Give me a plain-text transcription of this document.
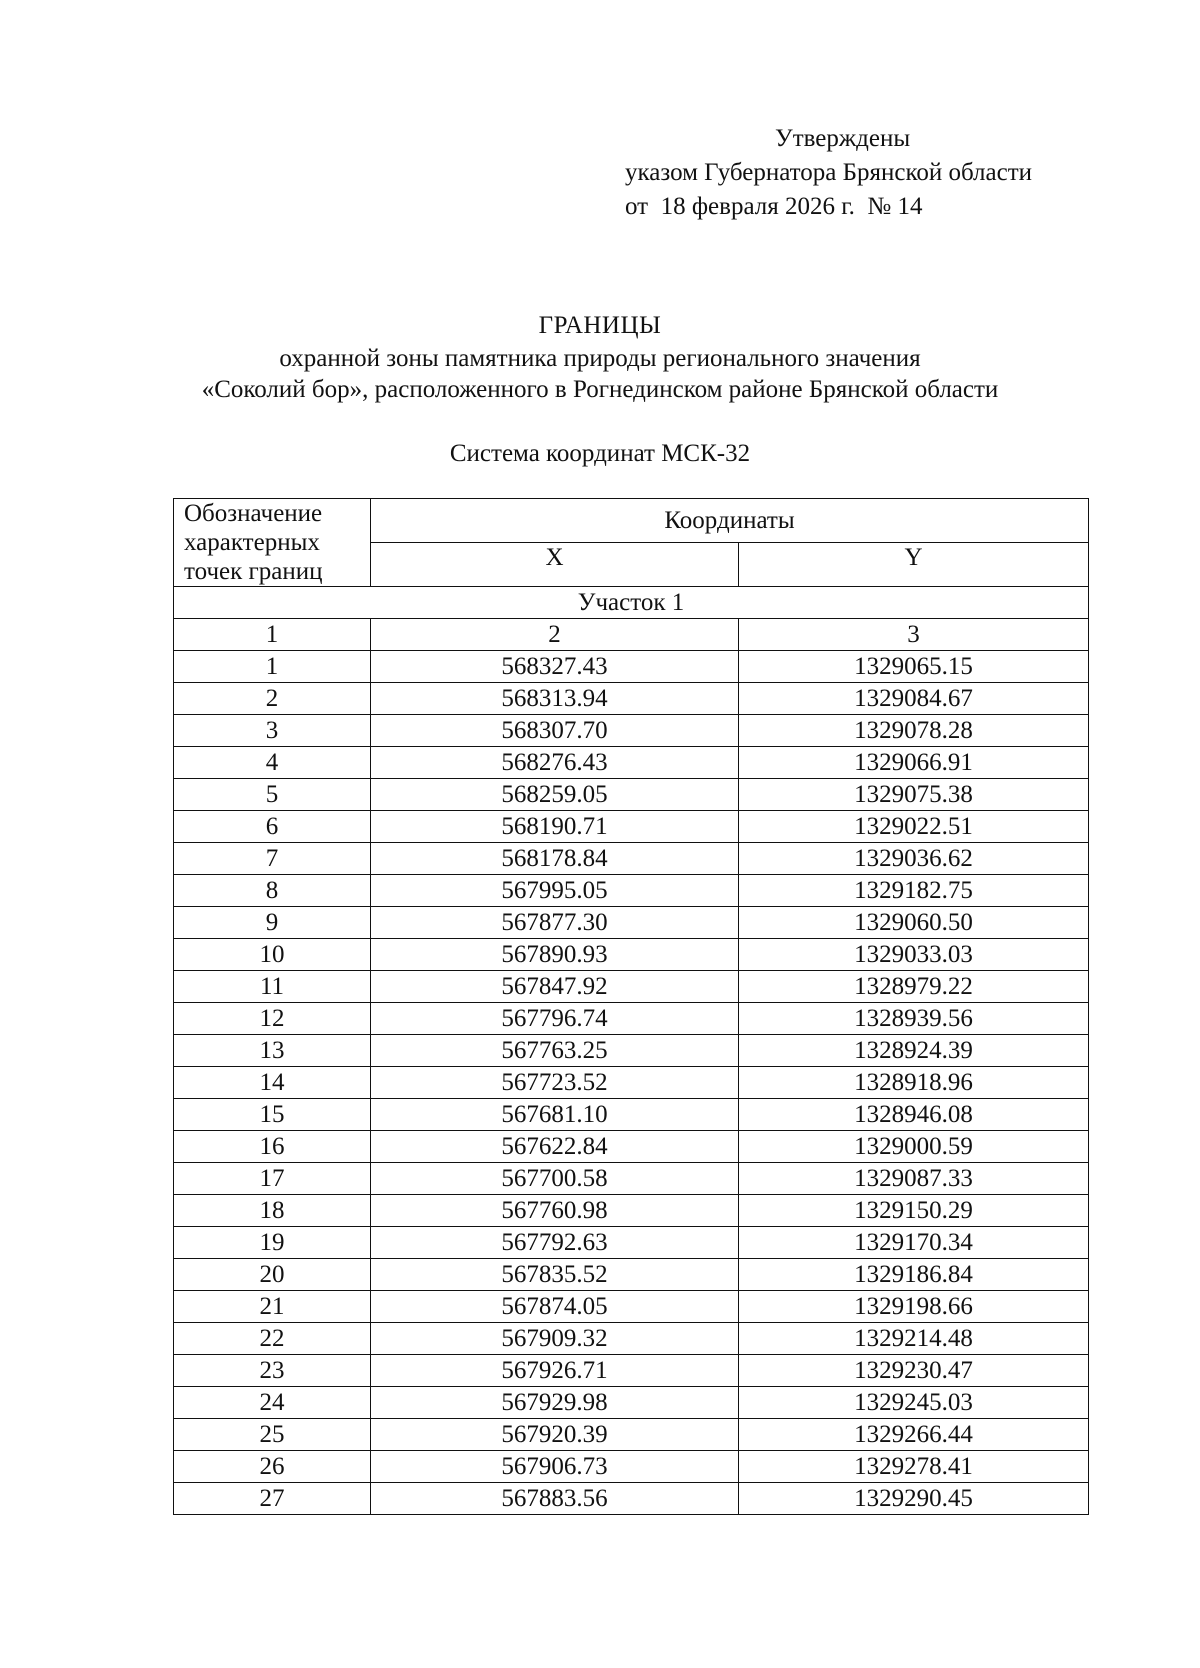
Утверждены
указом Губернатора Брянской области
от  18 февраля 2026 г.  № 14
ГРАНИЦЫ
охранной зоны памятника природы регионального значения
«Соколий бор», расположенного в Рогнединском районе Брянской области
Система координат МСК-32
Обозначение
характерных
точек границ	Координаты	
	X	Y
Участок 1		
1	2	3
1	568327.43	1329065.15
2	568313.94	1329084.67
3	568307.70	1329078.28
4	568276.43	1329066.91
5	568259.05	1329075.38
6	568190.71	1329022.51
7	568178.84	1329036.62
8	567995.05	1329182.75
9	567877.30	1329060.50
10	567890.93	1329033.03
11	567847.92	1328979.22
12	567796.74	1328939.56
13	567763.25	1328924.39
14	567723.52	1328918.96
15	567681.10	1328946.08
16	567622.84	1329000.59
17	567700.58	1329087.33
18	567760.98	1329150.29
19	567792.63	1329170.34
20	567835.52	1329186.84
21	567874.05	1329198.66
22	567909.32	1329214.48
23	567926.71	1329230.47
24	567929.98	1329245.03
25	567920.39	1329266.44
26	567906.73	1329278.41
27	567883.56	1329290.45
